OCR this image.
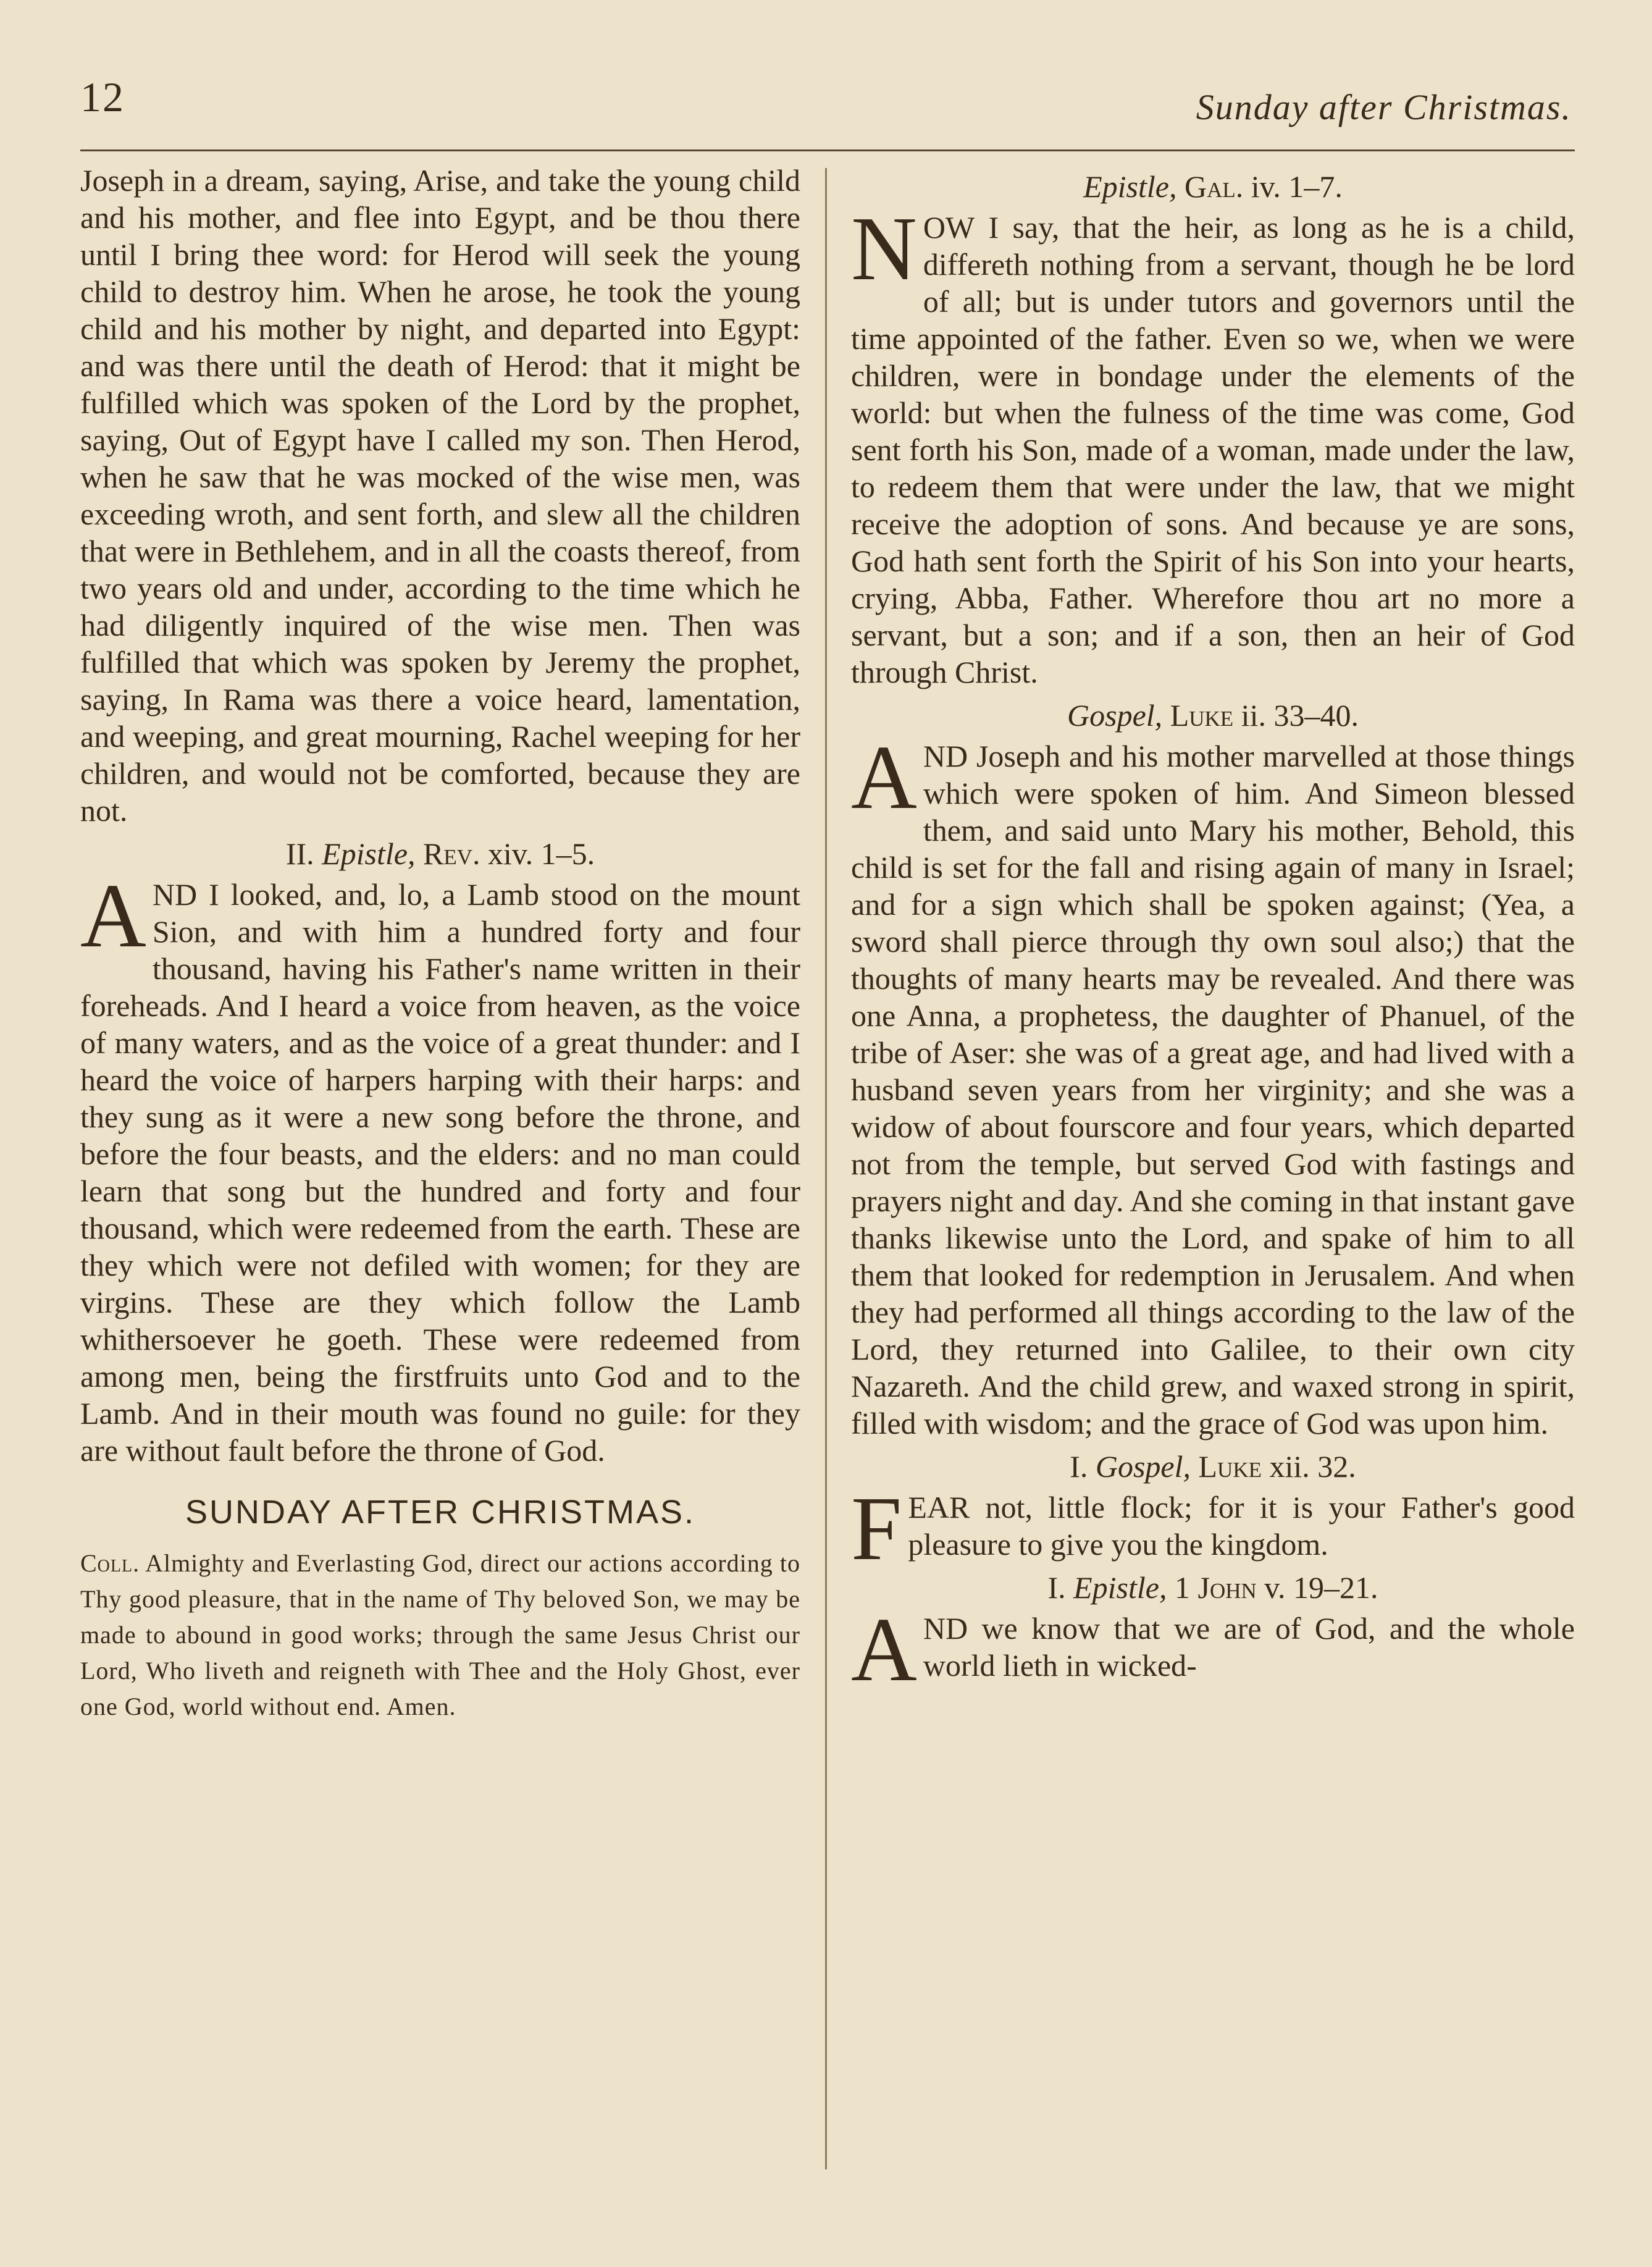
12	Sunday after Christmas.

Joseph in a dream, saying, Arise, and take the young child and his mother, and flee into Egypt, and be thou there until I bring thee word: for Herod will seek the young child to destroy him. When he arose, he took the young child and his mother by night, and departed into Egypt: and was there until the death of Herod: that it might be fulfilled which was spoken of the Lord by the prophet, saying, Out of Egypt have I called my son. Then Herod, when he saw that he was mocked of the wise men, was exceeding wroth, and sent forth, and slew all the children that were in Bethlehem, and in all the coasts thereof, from two years old and under, according to the time which he had diligently inquired of the wise men. Then was fulfilled that which was spoken by Jeremy the prophet, saying, In Rama was there a voice heard, lamentation, and weeping, and great mourning, Rachel weeping for her children, and would not be comforted, because they are not.

II. Epistle, Rev. xiv. 1–5.

AND I looked, and, lo, a Lamb stood on the mount Sion, and with him a hundred forty and four thousand, having his Father's name written in their foreheads. And I heard a voice from heaven, as the voice of many waters, and as the voice of a great thunder: and I heard the voice of harpers harping with their harps: and they sung as it were a new song before the throne, and before the four beasts, and the elders: and no man could learn that song but the hundred and forty and four thousand, which were redeemed from the earth. These are they which were not defiled with women; for they are virgins. These are they which follow the Lamb whithersoever he goeth. These were redeemed from among men, being the firstfruits unto God and to the Lamb. And in their mouth was found no guile: for they are without fault before the throne of God.

SUNDAY AFTER CHRISTMAS.

Coll. Almighty and Everlasting God, direct our actions according to Thy good pleasure, that in the name of Thy beloved Son, we may be made to abound in good works; through the same Jesus Christ our Lord, Who liveth and reigneth with Thee and the Holy Ghost, ever one God, world without end. Amen.

Epistle, Gal. iv. 1–7.

NOW I say, that the heir, as long as he is a child, differeth nothing from a servant, though he be lord of all; but is under tutors and governors until the time appointed of the father. Even so we, when we were children, were in bondage under the elements of the world: but when the fulness of the time was come, God sent forth his Son, made of a woman, made under the law, to redeem them that were under the law, that we might receive the adoption of sons. And because ye are sons, God hath sent forth the Spirit of his Son into your hearts, crying, Abba, Father. Wherefore thou art no more a servant, but a son; and if a son, then an heir of God through Christ.

Gospel, Luke ii. 33–40.

AND Joseph and his mother marvelled at those things which were spoken of him. And Simeon blessed them, and said unto Mary his mother, Behold, this child is set for the fall and rising again of many in Israel; and for a sign which shall be spoken against; (Yea, a sword shall pierce through thy own soul also;) that the thoughts of many hearts may be revealed. And there was one Anna, a prophetess, the daughter of Phanuel, of the tribe of Aser: she was of a great age, and had lived with a husband seven years from her virginity; and she was a widow of about fourscore and four years, which departed not from the temple, but served God with fastings and prayers night and day. And she coming in that instant gave thanks likewise unto the Lord, and spake of him to all them that looked for redemption in Jerusalem. And when they had performed all things according to the law of the Lord, they returned into Galilee, to their own city Nazareth. And the child grew, and waxed strong in spirit, filled with wisdom; and the grace of God was upon him.

I. Gospel, Luke xii. 32.

FEAR not, little flock; for it is your Father's good pleasure to give you the kingdom.

I. Epistle, 1 John v. 19–21.

AND we know that we are of God, and the whole world lieth in wicked-
